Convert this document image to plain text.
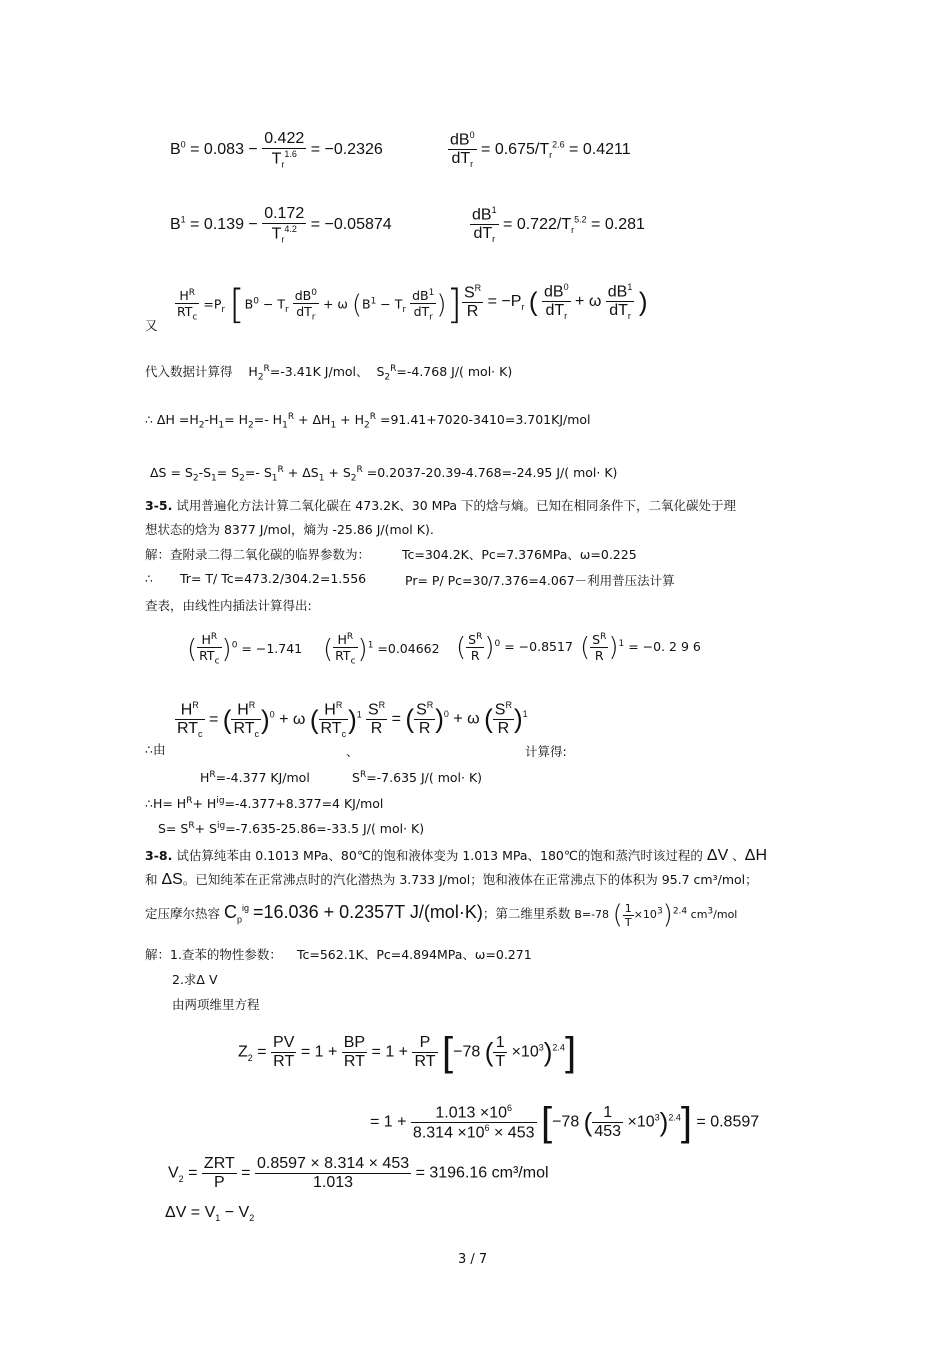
$B^0 = 0.083 - \frac{0.422}{T_r^{1.6}} = -0.2326$	$\frac{dB^0}{dT_r} = 0.675/T_r^{2.6} = 0.4211$
$B^1 = 0.139 - \frac{0.172}{T_r^{4.2}} = -0.05874$	$\frac{dB^1}{dT_r} = 0.722/T_r^{5.2} = 0.281$
又
$\frac{H^R}{RT_c} =P_r$ [$B^0 - T_r \frac{dB^0}{dT_r} + \omega$ ($B^1 - T_r \frac{dB^1}{dT_r}$ )] $\frac{S^R}{R} = -P_r$ ( $\frac{dB^0}{dT_r} + \omega \frac{dB^1}{dT_r}$ )
代入数据计算得    $H_2^R=-3.41K$ J/mol、  $S_2^R=-4.768$ J/( mol· K)
∴ $\Delta H =H_2-H_1= H_2=-$ $H_1^R + \Delta H_1 + H_2^R =91.41+7020-3410=3.701KJ/mol$
$\Delta S = S_2-S_1= S_2=-$ $S_1^R + \Delta S_1 + S_2^R =0.2037-20.39-4.768=-24.95$ J/( mol· K)
3-5. 试用普遍化方法计算二氧化碳在 473.2K、30 MPa 下的焓与熵。已知在相同条件下，二氧化碳处于理
想状态的焓为 8377 J/mol，熵为 -25.86 J/(mol K).
解：查附录二得二氧化碳的临界参数为：	Tc=304.2K、Pc=7.376MPa、ω=0.225
∴ Tr= T/ Tc=473.2/304.2=1.556	Pr= P/ Pc=30/7.376=4.067－利用普压法计算
查表，由线性内插法计算得出:
( $\frac{H^R}{RT_c} )^0 = -1.741$ ( $\frac{H^R}{RT_c} )^1 =0.04662$ ( $\frac{S^R}{R} )^0 = -0.8517$ ( $\frac{S^R}{R} )^1 = -0$. 2 9 6
∴由
$\frac{H^R}{RT_c}$ = ( $\frac{H^R}{RT_c} )^0 + \omega$ ( $\frac{H^R}{RT_c} )^1$
、
$\frac{S^R}{R}$ = ( $\frac{S^R}{R} )^0 + \omega$ ( $\frac{S^R}{R} )^1$
计算得:
$H^R=-4.377$ KJ/mol	$S^R=-7.635$ J/( mol· K)
∴H= $H^R+ H^{ig}=-4.377+8.377=4$ KJ/mol
$S= S^R+ S^{ig}=-7.635-25.86=-33.5$ J/( mol· K)
3-8. 试估算纯苯由 0.1013 MPa、80℃的饱和液体变为 1.013 MPa、180℃的饱和蒸汽时该过程的 ΔV 、ΔH
和 ΔS。已知纯苯在正常沸点时的汽化潜热为 3.733 J/mol；饱和液体在正常沸点下的体积为 95.7 cm³/mol；
定压摩尔热容 $C_p^{ig} =16.036 + 0.2357T$ J/(mol·K)；第二维里系数 B=-78 ( $\frac{1}{T} \times 10^3)^{2.4}$ $cm^3$/mol
解：1.查苯的物性参数： Tc=562.1K、Pc=4.894MPa、ω=0.271
2.求Δ V
由两项维里方程
$Z_2 = \frac{PV}{RT} = 1 + \frac{BP}{RT} = 1 + \frac{P}{RT} [-78$ ( $\frac{1}{T} \times 10^3)^{2.4}$]
= $1 + \frac{1.013 \times 10^6}{8.314 \times 10^6 \times 453} [-78$ ( $\frac{1}{453} \times 10^3)^{2.4}] = 0.8597$
$V_2 = \frac{\text{ZRT}}{P} = \frac{0.8597 \times 8.314 \times 453}{1.013} = 3196.16$ cm³/mol
$\Delta V = V_1 - V_2$
3 / 7
